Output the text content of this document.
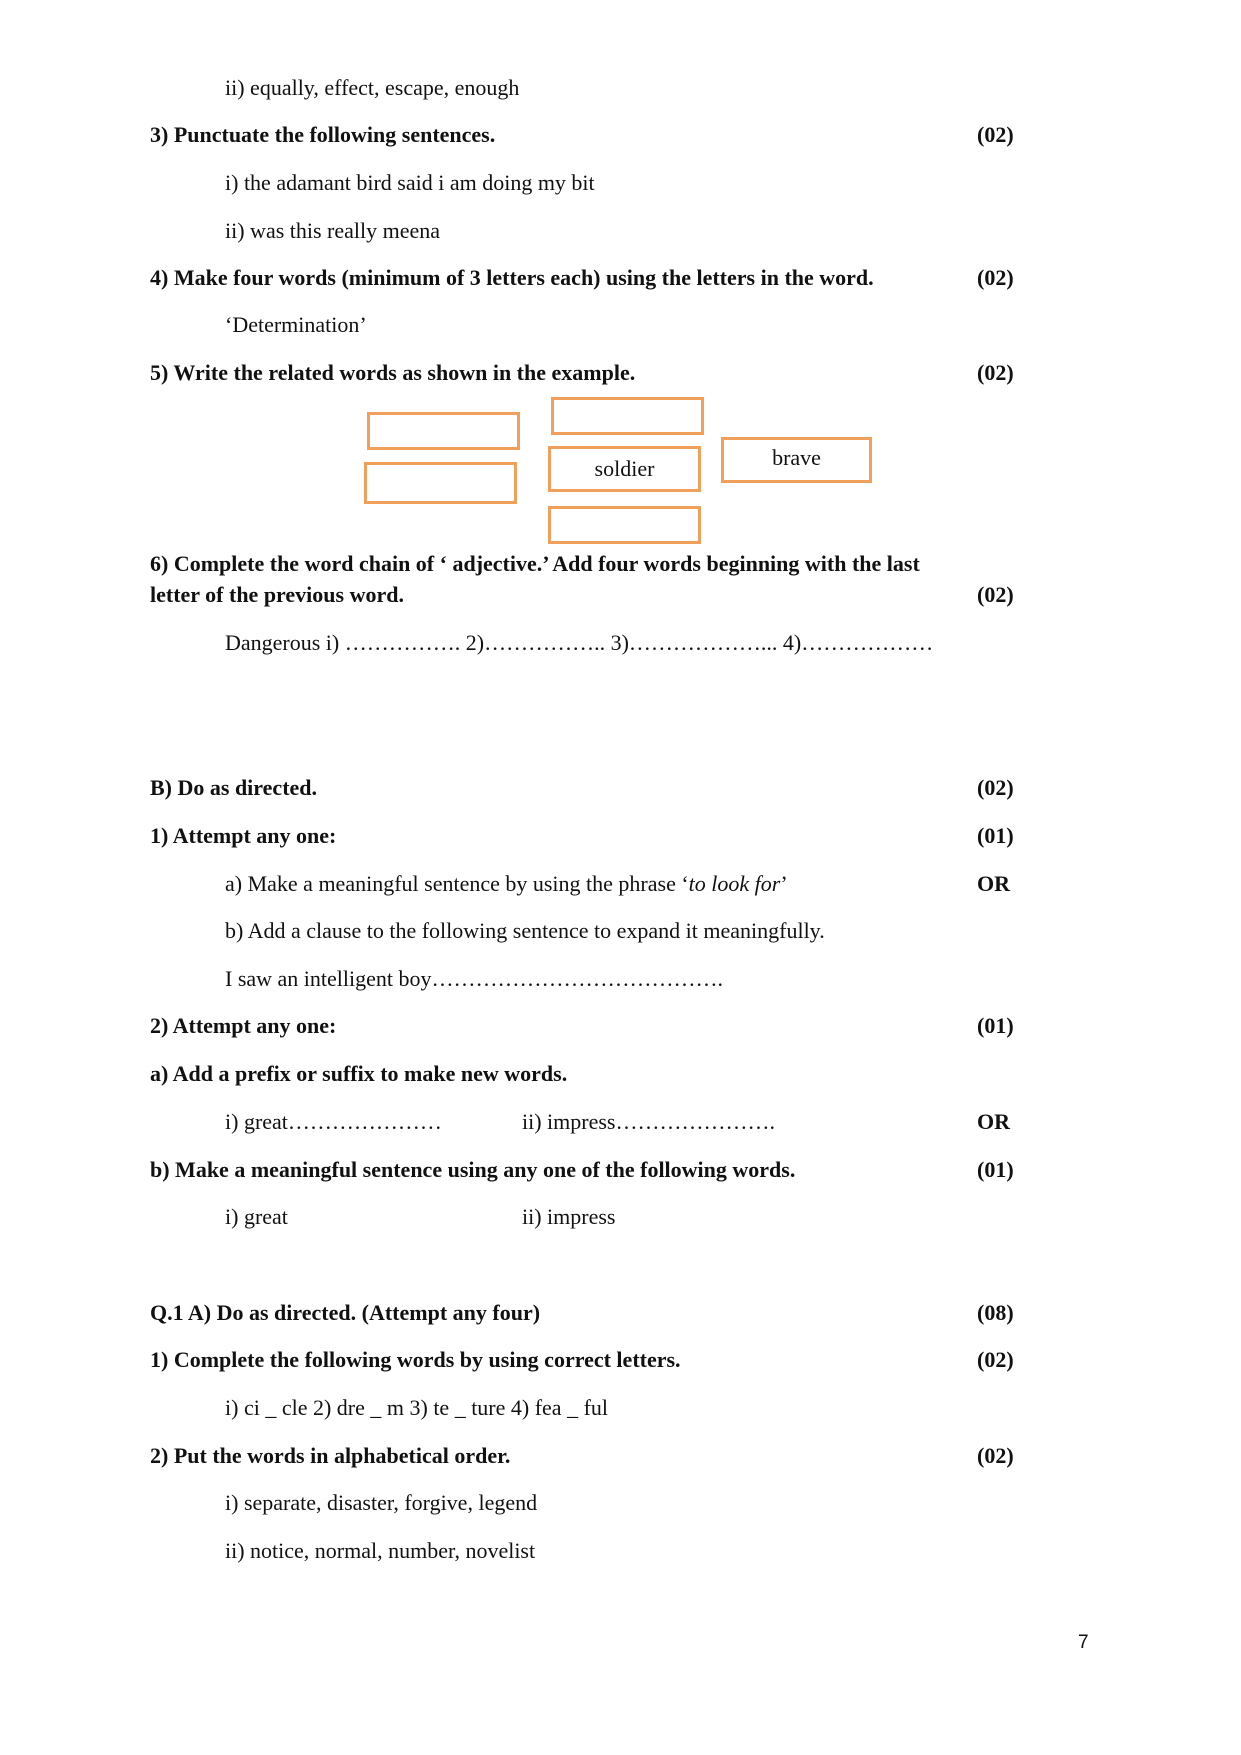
ii) equally, effect, escape, enough
3) Punctuate the following sentences.	(02)
i) the adamant bird said i am doing my bit
ii) was this really meena
4) Make four words (minimum of 3 letters each) using the letters in the word.	(02)
‘Determination’
5) Write the related words as shown in the example.	(02)
soldier	brave
6) Complete the word chain of ‘ adjective.’ Add four words beginning with the last
letter of the previous word.	(02)
Dangerous i) ……………. 2)…………….. 3)………………... 4)………………
B) Do as directed.	(02)
1) Attempt any one:	(01)
a) Make a meaningful sentence by using the phrase ‘to look for’	OR
b) Add a clause to the following sentence to expand it meaningfully.
I saw an intelligent boy………………………………….
2) Attempt any one:	(01)
a) Add a prefix or suffix to make new words.
i) great…………………	ii) impress………………….	OR
b) Make a meaningful sentence using any one of the following words.	(01)
i) great	ii) impress
Q.1 A) Do as directed. (Attempt any four)	(08)
1) Complete the following words by using correct letters.	(02)
i) ci _ cle 2) dre _ m 3) te _ ture 4) fea _ ful
2) Put the words in alphabetical order.	(02)
i) separate, disaster, forgive, legend
ii) notice, normal, number, novelist
7
